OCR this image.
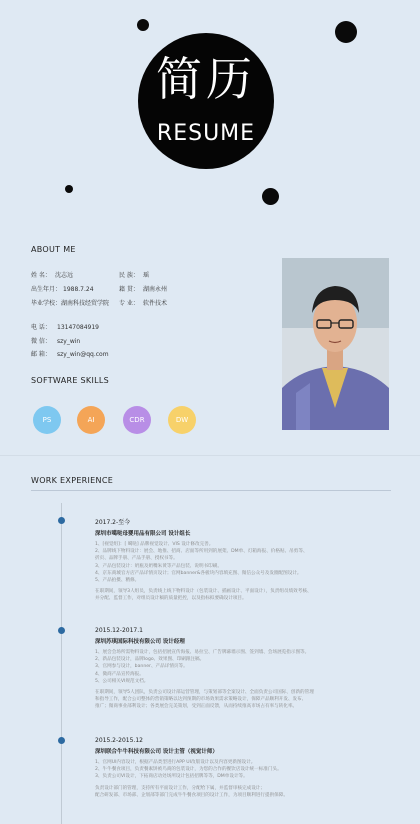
简历
RESUME
ABOUT ME
姓 名： 沈志远	民 族： 瑶
出生年月： 1988.7.24	籍 贯： 湖南永州
毕业学校：湖南科技经贸学院 专 业： 软件技术
电 话： 13147084919
微 信： szy_win
邮 箱： szy_win@qq.com
SOFTWARE SKILLS
PS	AI	CDR	DW
WORK EXPERIENCE
2017.2-至今
深圳市噶哒母婴用品有限公司 设计组长
1、[视觉组]：[ 噶哒] 品牌视觉设计、VIS 设计修改完善。
2、品牌线下物料设计：展会、地推、招商、店面等所用到的展架、DM单、灯箱海报、价格贴、吊剪等、
折页、品牌手册、产品手册、授权书等。
3、产品包装设计：奶瓶及奶嘴朱黄等产品包装、说明书印刷。
4、京东商城官方店产品详情页设计；官网banner&各板块内容填充图、微信公众号及发圈配图设计。
5、产品拍摄、精修。
在职期间，领导3人组员，负责线上线下物料设计（包装设计、插画设计、平面设计），负责组员绩效考核、
并分配、监督工作，对组员设计稿的质量把控，以及指标拟要确设计项目。
2015.12-2017.1
深圳苏琪国际科技有限公司 设计经理
1、展会会场所需物料设计，包括招展宣传海报、易拉宝、广告牌幕墙示图、签到墙、会场展览指示图等。
2、新品包装设计，品牌logo、效果图、印刷跟注稿。
3、官网参与设计，banner、产品详情页等。
4、微商产品宣传海报。
5、公司相关VI规范文档。
在职期间，领导5人团队，负责公司设计部运营管理，与策划部等全案设计、全面负责公司国际、创新的管理
和指导工作，配合公司整体的营销策略以达到预期的市场效果需求策略设计，保障产品顺利开发、发布、
推广；微商事业部利设计；各类展会完美策划，受到正面反馈，从而持续推高市场占有率与转化率。
2015.2-2015.12
深圳联合牛牛科技有限公司 设计主管（视觉计师）
1、官网UI内容设计，根据产品类型进行APP UI改版设计以及内容更新图设计。
2、牛牛餐食项目，负责餐素饼被鸟商的包装设计，为您的合作的餐饮店设计统一标准门头。
3、负责公司VI设计，下拓商店动处场所设计包括招牌等等，DM单设计等。
负责设计部门的管理，支持所有平面设计工作，分配给下属，并监督审核完成设计；
配合研发部、市场部、企划部等部门完成牛牛餐食项目的设计工作，为项目顺利进行提供保障。
